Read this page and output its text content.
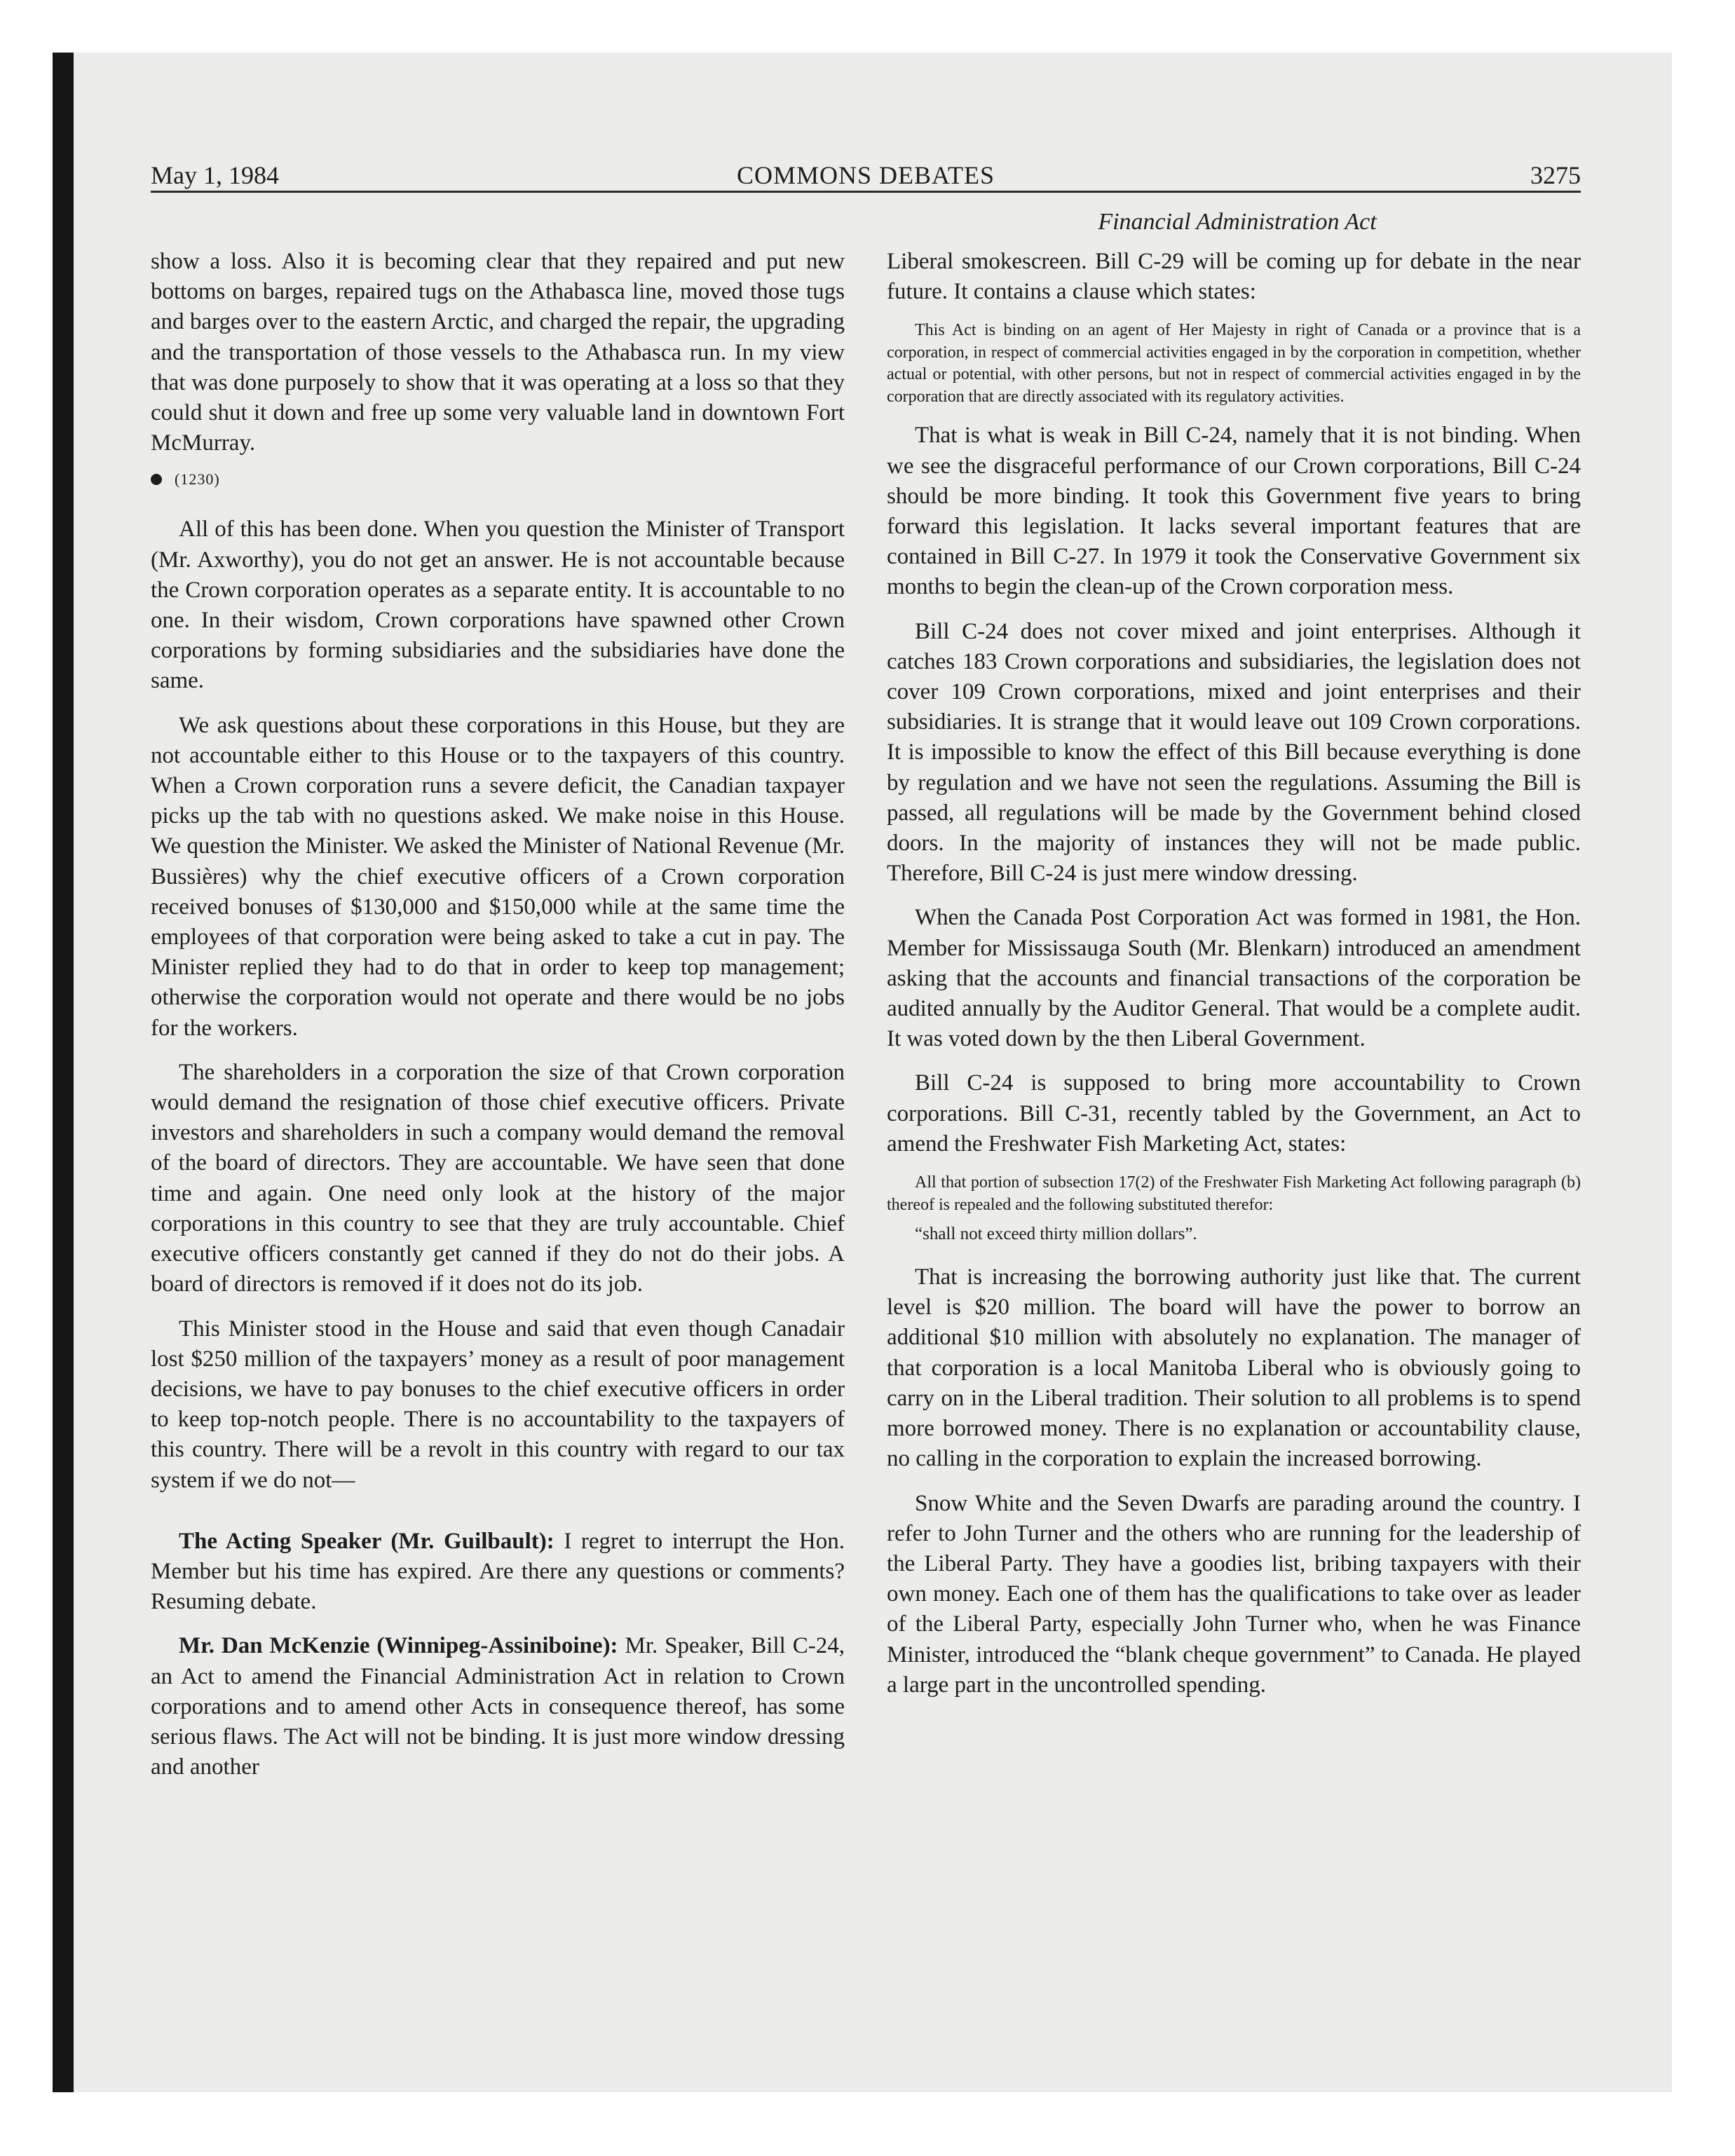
May 1, 1984	COMMONS DEBATES	3275
Financial Administration Act

show a loss. Also it is becoming clear that they repaired and put new bottoms on barges, repaired tugs on the Athabasca line, moved those tugs and barges over to the eastern Arctic, and charged the repair, the upgrading and the transportation of those vessels to the Athabasca run. In my view that was done purposely to show that it was operating at a loss so that they could shut it down and free up some very valuable land in downtown Fort McMurray.

(1230)

All of this has been done. When you question the Minister of Transport (Mr. Axworthy), you do not get an answer. He is not accountable because the Crown corporation operates as a separate entity. It is accountable to no one. In their wisdom, Crown corporations have spawned other Crown corporations by forming subsidiaries and the subsidiaries have done the same.

We ask questions about these corporations in this House, but they are not accountable either to this House or to the taxpayers of this country. When a Crown corporation runs a severe deficit, the Canadian taxpayer picks up the tab with no questions asked. We make noise in this House. We question the Minister. We asked the Minister of National Revenue (Mr. Bussières) why the chief executive officers of a Crown corporation received bonuses of $130,000 and $150,000 while at the same time the employees of that corporation were being asked to take a cut in pay. The Minister replied they had to do that in order to keep top management; otherwise the corporation would not operate and there would be no jobs for the workers.

The shareholders in a corporation the size of that Crown corporation would demand the resignation of those chief executive officers. Private investors and shareholders in such a company would demand the removal of the board of directors. They are accountable. We have seen that done time and again. One need only look at the history of the major corporations in this country to see that they are truly accountable. Chief executive officers constantly get canned if they do not do their jobs. A board of directors is removed if it does not do its job.

This Minister stood in the House and said that even though Canadair lost $250 million of the taxpayers’ money as a result of poor management decisions, we have to pay bonuses to the chief executive officers in order to keep top-notch people. There is no accountability to the taxpayers of this country. There will be a revolt in this country with regard to our tax system if we do not—

The Acting Speaker (Mr. Guilbault): I regret to interrupt the Hon. Member but his time has expired. Are there any questions or comments? Resuming debate.

Mr. Dan McKenzie (Winnipeg-Assiniboine): Mr. Speaker, Bill C-24, an Act to amend the Financial Administration Act in relation to Crown corporations and to amend other Acts in consequence thereof, has some serious flaws. The Act will not be binding. It is just more window dressing and another

Liberal smokescreen. Bill C-29 will be coming up for debate in the near future. It contains a clause which states:

This Act is binding on an agent of Her Majesty in right of Canada or a province that is a corporation, in respect of commercial activities engaged in by the corporation in competition, whether actual or potential, with other persons, but not in respect of commercial activities engaged in by the corporation that are directly associated with its regulatory activities.

That is what is weak in Bill C-24, namely that it is not binding. When we see the disgraceful performance of our Crown corporations, Bill C-24 should be more binding. It took this Government five years to bring forward this legislation. It lacks several important features that are contained in Bill C-27. In 1979 it took the Conservative Government six months to begin the clean-up of the Crown corporation mess.

Bill C-24 does not cover mixed and joint enterprises. Although it catches 183 Crown corporations and subsidiaries, the legislation does not cover 109 Crown corporations, mixed and joint enterprises and their subsidiaries. It is strange that it would leave out 109 Crown corporations. It is impossible to know the effect of this Bill because everything is done by regulation and we have not seen the regulations. Assuming the Bill is passed, all regulations will be made by the Government behind closed doors. In the majority of instances they will not be made public. Therefore, Bill C-24 is just mere window dressing.

When the Canada Post Corporation Act was formed in 1981, the Hon. Member for Mississauga South (Mr. Blenkarn) introduced an amendment asking that the accounts and financial transactions of the corporation be audited annually by the Auditor General. That would be a complete audit. It was voted down by the then Liberal Government.

Bill C-24 is supposed to bring more accountability to Crown corporations. Bill C-31, recently tabled by the Government, an Act to amend the Freshwater Fish Marketing Act, states:

All that portion of subsection 17(2) of the Freshwater Fish Marketing Act following paragraph (b) thereof is repealed and the following substituted therefor:
“shall not exceed thirty million dollars”.

That is increasing the borrowing authority just like that. The current level is $20 million. The board will have the power to borrow an additional $10 million with absolutely no explanation. The manager of that corporation is a local Manitoba Liberal who is obviously going to carry on in the Liberal tradition. Their solution to all problems is to spend more borrowed money. There is no explanation or accountability clause, no calling in the corporation to explain the increased borrowing.

Snow White and the Seven Dwarfs are parading around the country. I refer to John Turner and the others who are running for the leadership of the Liberal Party. They have a goodies list, bribing taxpayers with their own money. Each one of them has the qualifications to take over as leader of the Liberal Party, especially John Turner who, when he was Finance Minister, introduced the “blank cheque government” to Canada. He played a large part in the uncontrolled spending.
